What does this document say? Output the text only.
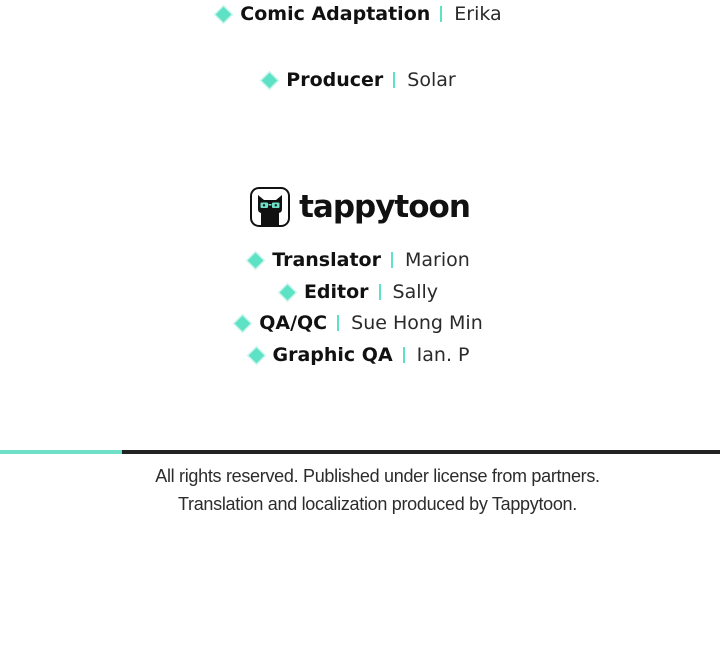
Comic Adaptation Erika
Producer Solar
tappytoon
Translator Marion
Editor Sally
QA/QC Sue Hong Min
Graphic QA Ian. P
All rights reserved. Published under license from partners.
Translation and localization produced by Tappytoon.
